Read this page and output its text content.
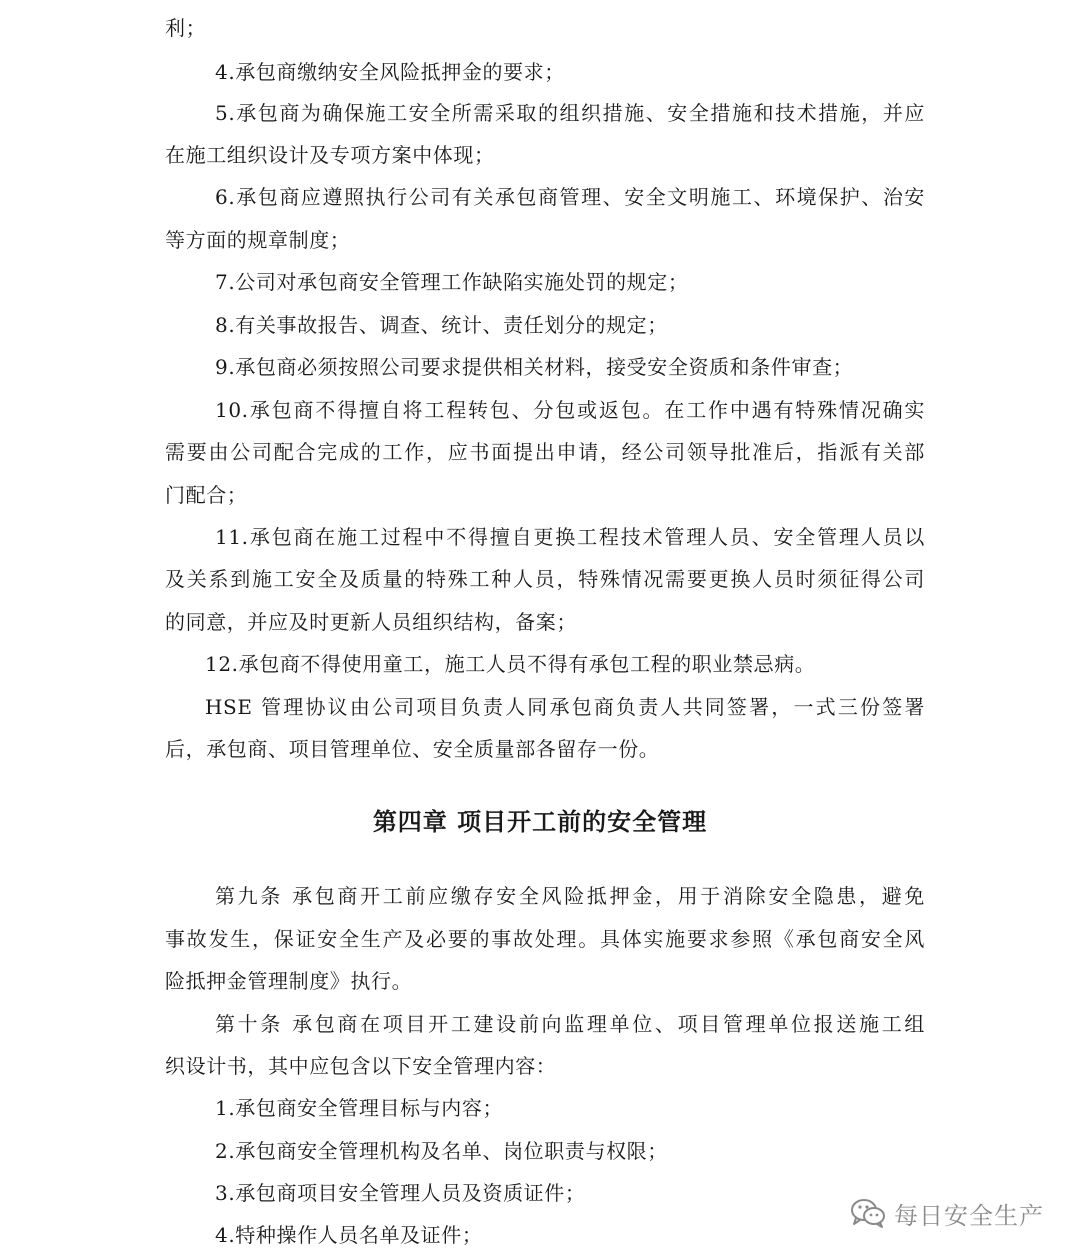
利；
4.承包商缴纳安全风险抵押金的要求；
5.承包商为确保施工安全所需采取的组织措施、安全措施和技术措施，并应
在施工组织设计及专项方案中体现；
6.承包商应遵照执行公司有关承包商管理、安全文明施工、环境保护、治安
等方面的规章制度；
7.公司对承包商安全管理工作缺陷实施处罚的规定；
8.有关事故报告、调查、统计、责任划分的规定；
9.承包商必须按照公司要求提供相关材料，接受安全资质和条件审查；
10.承包商不得擅自将工程转包、分包或返包。在工作中遇有特殊情况确实
需要由公司配合完成的工作，应书面提出申请，经公司领导批准后，指派有关部
门配合；
11.承包商在施工过程中不得擅自更换工程技术管理人员、安全管理人员以
及关系到施工安全及质量的特殊工种人员，特殊情况需要更换人员时须征得公司
的同意，并应及时更新人员组织结构，备案；
12.承包商不得使用童工，施工人员不得有承包工程的职业禁忌病。
HSE 管理协议由公司项目负责人同承包商负责人共同签署，一式三份签署
后，承包商、项目管理单位、安全质量部各留存一份。
第四章 项目开工前的安全管理
第九条 承包商开工前应缴存安全风险抵押金，用于消除安全隐患，避免
事故发生，保证安全生产及必要的事故处理。具体实施要求参照《承包商安全风
险抵押金管理制度》执行。
第十条 承包商在项目开工建设前向监理单位、项目管理单位报送施工组
织设计书，其中应包含以下安全管理内容：
1.承包商安全管理目标与内容；
2.承包商安全管理机构及名单、岗位职责与权限；
3.承包商项目安全管理人员及资质证件；
4.特种操作人员名单及证件；
每日安全生产
